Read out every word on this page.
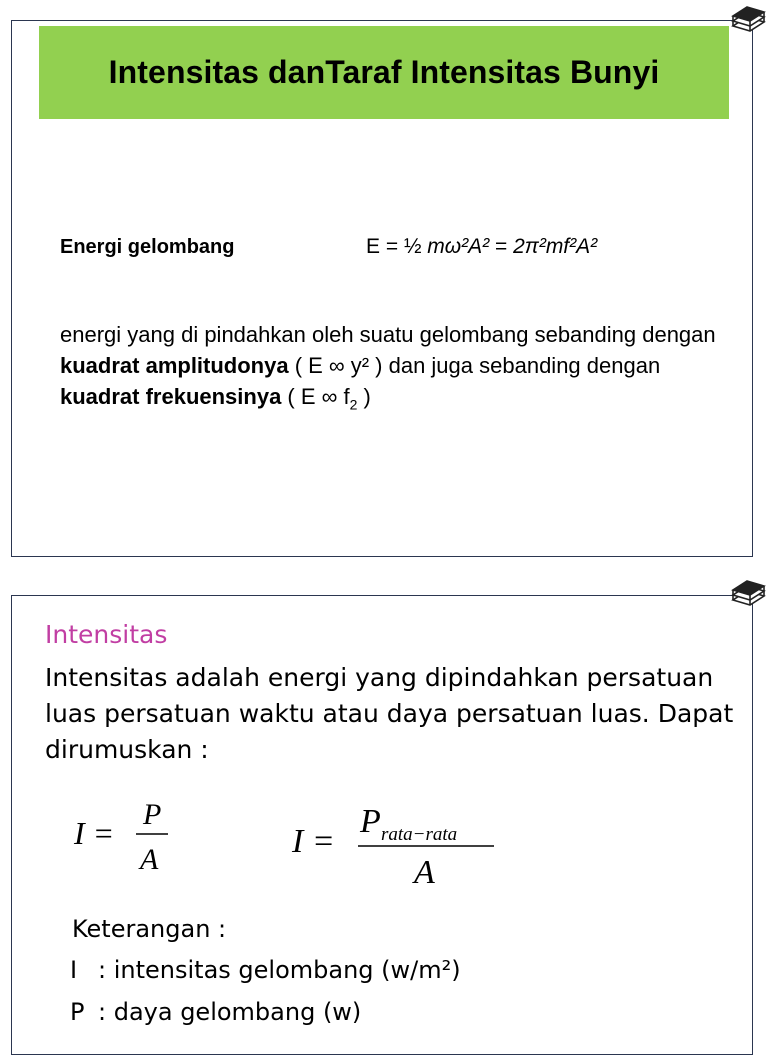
Intensitas danTaraf Intensitas Bunyi
Energi gelombang	E = ½ mω²A² = 2π²mf²A²
energi yang di pindahkan oleh suatu gelombang sebanding dengan kuadrat amplitudonya ( E ∞ y² ) dan juga sebanding dengan kuadrat frekuensinya ( E ∞ $f_2$ )
Intensitas
Intensitas adalah energi yang dipindahkan persatuan luas persatuan waktu atau daya persatuan luas. Dapat dirumuskan :
I =
P
A	I =
P rata−rata
A
Keterangan :
I : intensitas gelombang (w/m²)
P : daya gelombang (w)
